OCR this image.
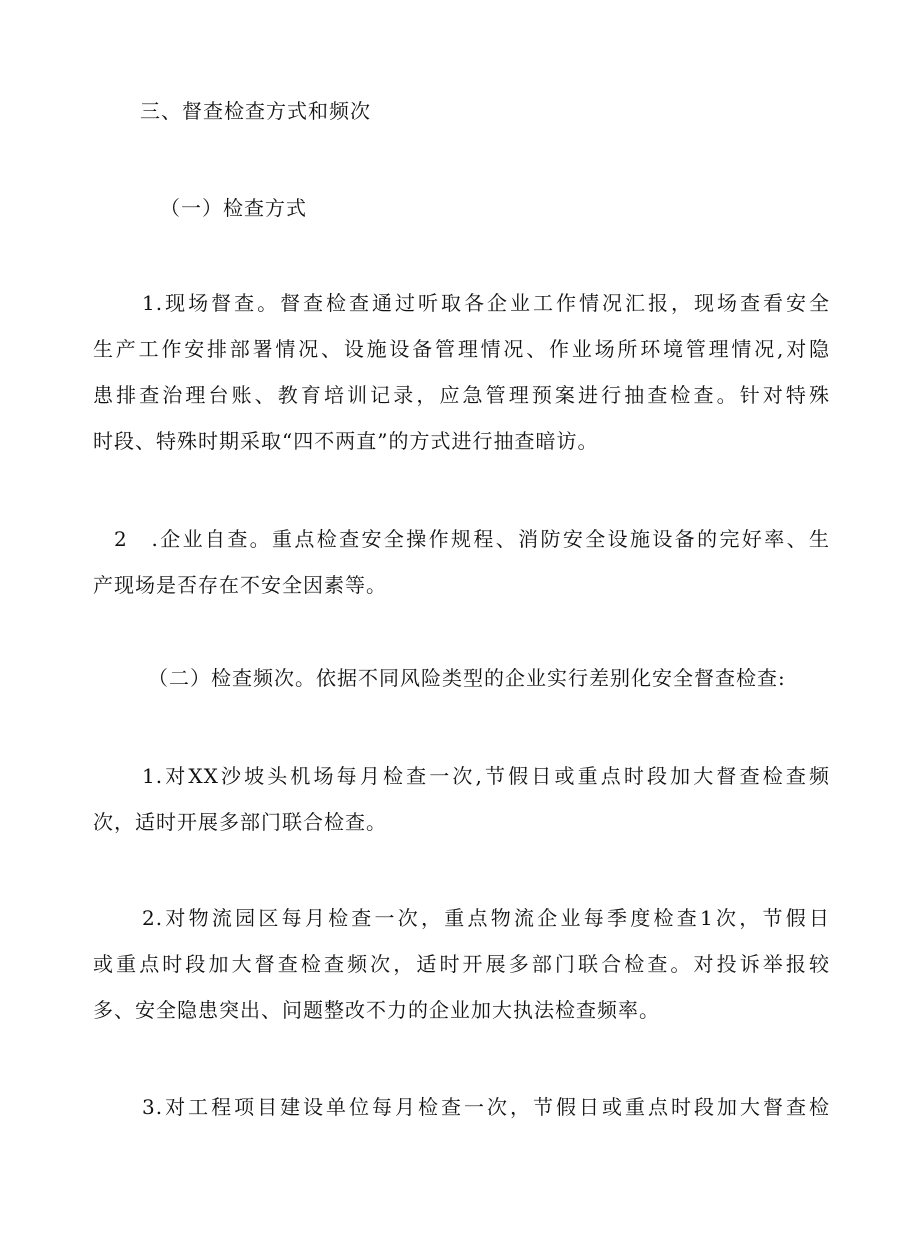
三、督查检查方式和频次
（一）检查方式
1.现场督查。督查检查通过听取各企业工作情况汇报，现场查看安全
生产工作安排部署情况、设施设备管理情况、作业场所环境管理情况,对隐
患排查治理台账、教育培训记录，应急管理预案进行抽查检查。针对特殊
时段、特殊时期采取“四不两直”的方式进行抽查暗访。
2　.企业自查。重点检查安全操作规程、消防安全设施设备的完好率、生
产现场是否存在不安全因素等。
（二）检查频次。依据不同风险类型的企业实行差别化安全督查检查:
1.对XX沙坡头机场每月检查一次,节假日或重点时段加大督查检查频
次，适时开展多部门联合检查。
2.对物流园区每月检查一次，重点物流企业每季度检查1次，节假日
或重点时段加大督查检查频次，适时开展多部门联合检查。对投诉举报较
多、安全隐患突出、问题整改不力的企业加大执法检查频率。
3.对工程项目建设单位每月检查一次，节假日或重点时段加大督查检
